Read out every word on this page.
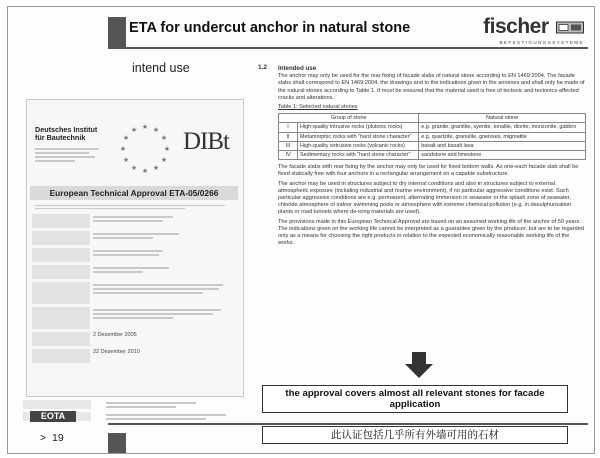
ETA for undercut anchor in natural stone	fischer
BEFESTIGUNGSSYSTEME
intend use
Deutsches Institut
für Bautechnik
★ ★
★
★
★
★
★
★
★
★
★
★ DIBt
European Technical Approval ETA-05/0266
2 Dezember 2005
22 Dezember 2010
EOTA
1.2 Intended use

The anchor may only be used for the rear fixing of facade slabs of natural stone according to EN 1469:2004. The facade slabs shall correspond to EN 1469:2004, the drawings and to the indications given in the annexes and shall only be made of the natural stones according to Table 1. It must be ensured that the material used is free of tectonic and tectonics-affected cracks and alterations.

Table 1: Selected natural stones

Group of stone		Natural stone
I	High-quality intrusive rocks (plutonic rocks)	e.g. granite, granitite, syenite, tonalite, diorite, monzonite, gabbro
II	Metamorphic rocks with "hard stone character"	e.g. quartzite, granulite, gneisses, migmatite
III	High-quality extrusive rocks (volcanic rocks)	basalt and basalt lava
IV	Sedimentary rocks with "hard stone character"	sandstone and limestone

The facade slabs with rear fixing by the anchor may only be used for fixed bottom walls. As one-each facade slab shall be fixed statically free with four anchors in a rectangular arrangement on a capable substructure.

The anchor may be used in structures subject to dry internal conditions and also in structures subject to external atmospheric exposure (including industrial and marine environment), if no particular aggressive conditions exist. Such particular aggressive conditions are e.g. permanent, alternating immersion in seawater or the splash zone of seawater, chloride atmosphere of indoor swimming pools or atmosphere with extreme chemical pollution (e.g. in desulphurization plants or road tunnels where de-icing materials are used).

The provisions made in this European Technical Approval are based on an assumed working life of the anchor of 50 years. The indications given on the working life cannot be interpreted as a guarantee given by the producer, but are to be regarded only as a means for choosing the right products in relation to the expected economically reasonable working life of the works.

the approval covers almost all relevant stones for facade application
> 19	此认证包括几乎所有外墙可用的石材
